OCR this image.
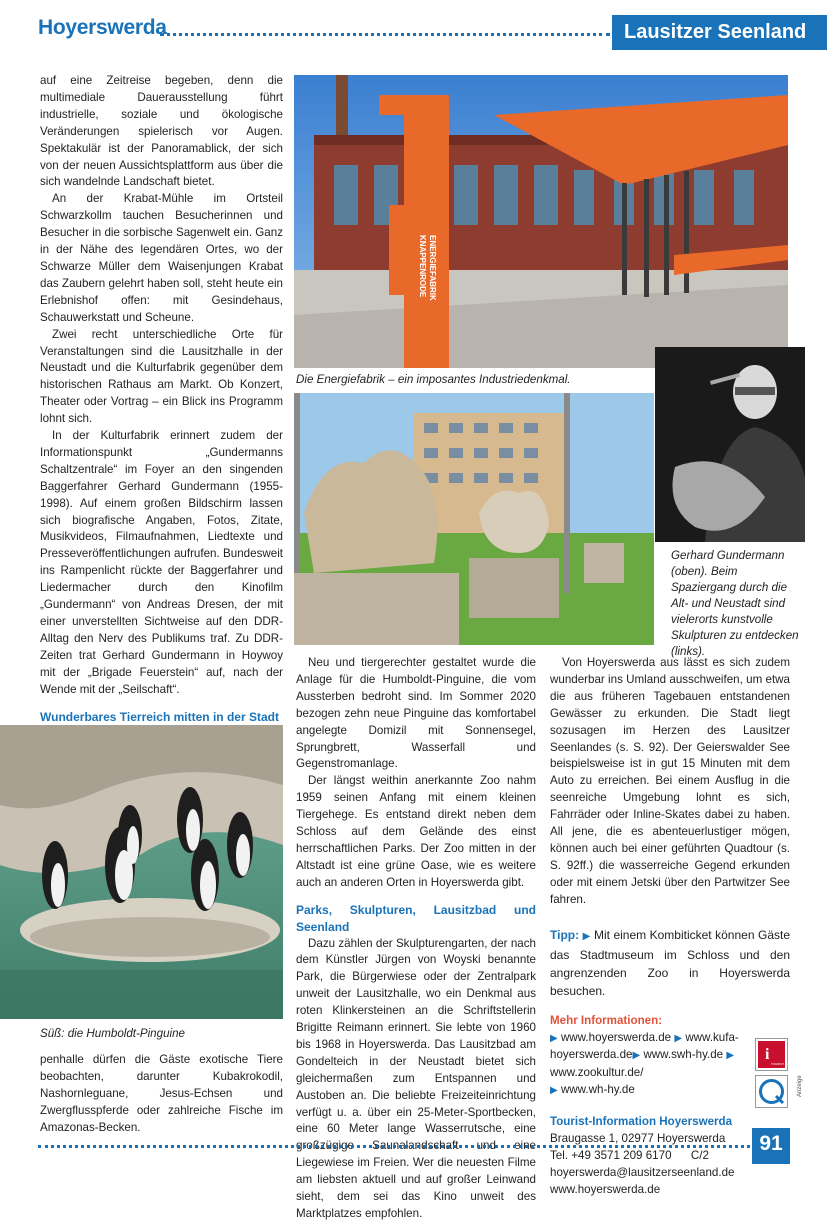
Hoyerswerda	Lausitzer Seenland

auf eine Zeitreise begeben, denn die multimediale Dauerausstellung führt industrielle, soziale und ökologische Veränderungen spielerisch vor Augen. Spektakulär ist der Panoramablick, der sich von der neuen Aussichtsplattform aus über die sich wandelnde Landschaft bietet.

An der Krabat-Mühle im Ortsteil Schwarzkollm tauchen Besucherinnen und Besucher in die sorbische Sagenwelt ein. Ganz in der Nähe des legendären Ortes, wo der Schwarze Müller dem Waisenjungen Krabat das Zaubern gelehrt haben soll, steht heute ein Erlebnishof offen: mit Gesindehaus, Schauwerkstatt und Scheune.

Zwei recht unterschiedliche Orte für Veranstaltungen sind die Lausitzhalle in der Neustadt und die Kulturfabrik gegenüber dem historischen Rathaus am Markt. Ob Konzert, Theater oder Vortrag – ein Blick ins Programm lohnt sich.

In der Kulturfabrik erinnert zudem der Informationspunkt „Gundermanns Schaltzentrale“ im Foyer an den singenden Baggerfahrer Gerhard Gundermann (1955-1998). Auf einem großen Bildschirm lassen sich biografische Angaben, Fotos, Zitate, Musikvideos, Filmaufnahmen, Liedtexte und Presseveröffentlichungen aufrufen. Bundesweit ins Rampenlicht rückte der Baggerfahrer und Liedermacher durch den Kinofilm „Gundermann“ von Andreas Dresen, der mit einer unverstellten Sichtweise auf den DDR-Alltag den Nerv des Publikums traf. Zu DDR-Zeiten trat Gerhard Gundermann in Hoywoy mit der „Brigade Feuerstein“ auf, nach der Wende mit der „Seilschaft“.

Wunderbares Tierreich mitten in der Stadt

Süß: die Humboldt-Pinguine

penhalle dürfen die Gäste exotische Tiere beobachten, darunter Kubakrokodil, Nashornleguane, Jesus-Echsen und Zwergflusspferde oder zahlreiche Fische im Amazonas-Becken.

ENERGIEFABRIK
KNAPPENRODE
Die Energiefabrik – ein imposantes Industriedenkmal.
Gerhard Gundermann (oben). Beim Spaziergang durch die Alt- und Neustadt sind vielerorts kunstvolle Skulpturen zu entdecken (links).

Neu und tiergerechter gestaltet wurde die Anlage für die Humboldt-Pinguine, die vom Aussterben bedroht sind. Im Sommer 2020 bezogen zehn neue Pinguine das komfortabel angelegte Domizil mit Sonnensegel, Sprungbrett, Wasserfall und Gegenstromanlage.

Der längst weithin anerkannte Zoo nahm 1959 seinen Anfang mit einem kleinen Tiergehege. Es entstand direkt neben dem Schloss auf dem Gelände des einst herrschaftlichen Parks. Der Zoo mitten in der Altstadt ist eine grüne Oase, wie es weitere auch an anderen Orten in Hoyerswerda gibt.

Parks, Skulpturen, Lausitzbad und Seenland

Dazu zählen der Skulpturengarten, der nach dem Künstler Jürgen von Woyski benannte Park, die Bürgerwiese oder der Zentralpark unweit der Lausitzhalle, wo ein Denkmal aus roten Klinkersteinen an die Schriftstellerin Brigitte Reimann erinnert. Sie lebte von 1960 bis 1968 in Hoyerswerda. Das Lausitzbad am Gondelteich in der Neustadt bietet sich gleichermaßen zum Entspannen und Austoben an. Die beliebte Freizeiteinrichtung verfügt u. a. über ein 25-Meter-Sportbecken, eine 60 Meter lange Wasserrutsche, eine großzügige Saunalandschaft und eine Liegewiese im Freien. Wer die neuesten Filme am liebsten aktuell und auf großer Leinwand sieht, dem sei das Kino unweit des Marktplatzes empfohlen.

Von Hoyerswerda aus lässt es sich zudem wunderbar ins Umland ausschweifen, um etwa die aus früheren Tagebauen entstandenen Gewässer zu erkunden. Die Stadt liegt sozusagen im Herzen des Lausitzer Seenlandes (s. S. 92). Der Geierswalder See beispielsweise ist in gut 15 Minuten mit dem Auto zu erreichen. Bei einem Ausflug in die seenreiche Umgebung lohnt es sich, Fahrräder oder Inline-Skates dabei zu haben. All jene, die es abenteuerlustiger mögen, können auch bei einer geführten Quadtour (s. S. 92ff.) die wasserreiche Gegend erkunden oder mit einem Jetski über den Partwitzer See fahren.

Tipp: ▶ Mit einem Kombiticket können Gäste das Stadtmuseum im Schloss und den angrenzenden Zoo in Hoyerswerda besuchen.

Mehr Informationen:

▶ www.hoyerswerda.de ▶ www.kufa-hoyerswerda.de▶ www.swh-hy.de ▶ www.zookultur.de/
▶ www.wh-hy.de

Tourist-Information Hoyerswerda
Braugasse 1, 02977 Hoyerswerda
Tel. +49 3571 209 6170      C/2
hoyerswerda@lausitzerseenland.de
www.hoyerswerda.de

i
TOURIST INFORMATION
Anzeige
91
